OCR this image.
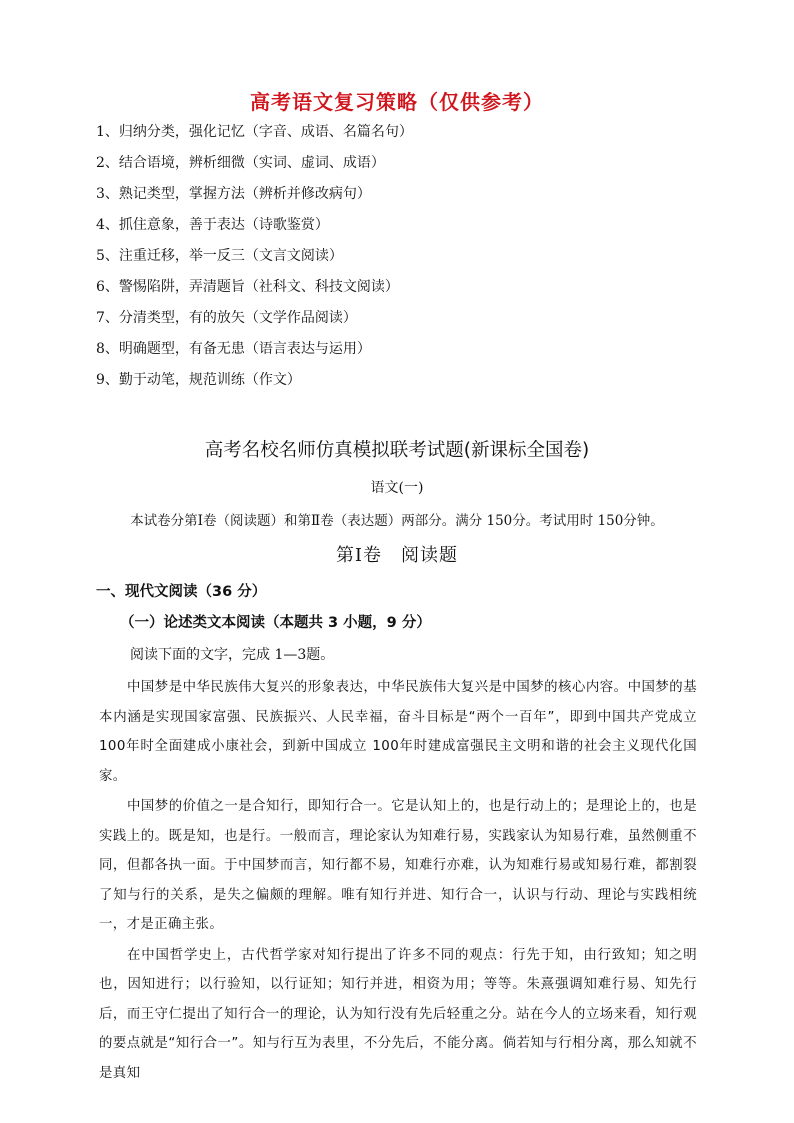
高考语文复习策略（仅供参考）
1、归纳分类，强化记忆（字音、成语、名篇名句）
2、结合语境，辨析细微（实词、虚词、成语）
3、熟记类型，掌握方法（辨析并修改病句）
4、抓住意象，善于表达（诗歌鉴赏）
5、注重迁移，举一反三（文言文阅读）
6、警惕陷阱，弄清题旨（社科文、科技文阅读）
7、分清类型，有的放矢（文学作品阅读）
8、明确题型，有备无患（语言表达与运用）
9、勤于动笔，规范训练（作文）
高考名校名师仿真模拟联考试题(新课标全国卷)
语文(一)
本试卷分第Ⅰ卷（阅读题）和第Ⅱ卷（表达题）两部分。满分 150分。考试用时 150分钟。
第Ⅰ卷　阅读题
一、现代文阅读（36 分）
（一）论述类文本阅读（本题共 3 小题，9 分）
阅读下面的文字，完成 1—3题。

中国梦是中华民族伟大复兴的形象表达，中华民族伟大复兴是中国梦的核心内容。中国梦的基本内涵是实现国家富强、民族振兴、人民幸福，奋斗目标是“两个一百年”，即到中国共产党成立 100年时全面建成小康社会，到新中国成立 100年时建成富强民主文明和谐的社会主义现代化国家。

中国梦的价值之一是合知行，即知行合一。它是认知上的，也是行动上的；是理论上的，也是实践上的。既是知，也是行。一般而言，理论家认为知难行易，实践家认为知易行难，虽然侧重不同，但都各执一面。于中国梦而言，知行都不易，知难行亦难，认为知难行易或知易行难，都割裂了知与行的关系，是失之偏颇的理解。唯有知行并进、知行合一，认识与行动、理论与实践相统一，才是正确主张。

在中国哲学史上，古代哲学家对知行提出了许多不同的观点：行先于知，由行致知；知之明也，因知进行；以行验知，以行证知；知行并进，相资为用；等等。朱熹强调知难行易、知先行后，而王守仁提出了知行合一的理论，认为知行没有先后轻重之分。站在今人的立场来看，知行观的要点就是“知行合一”。知与行互为表里，不分先后，不能分离。倘若知与行相分离，那么知就不是真知
